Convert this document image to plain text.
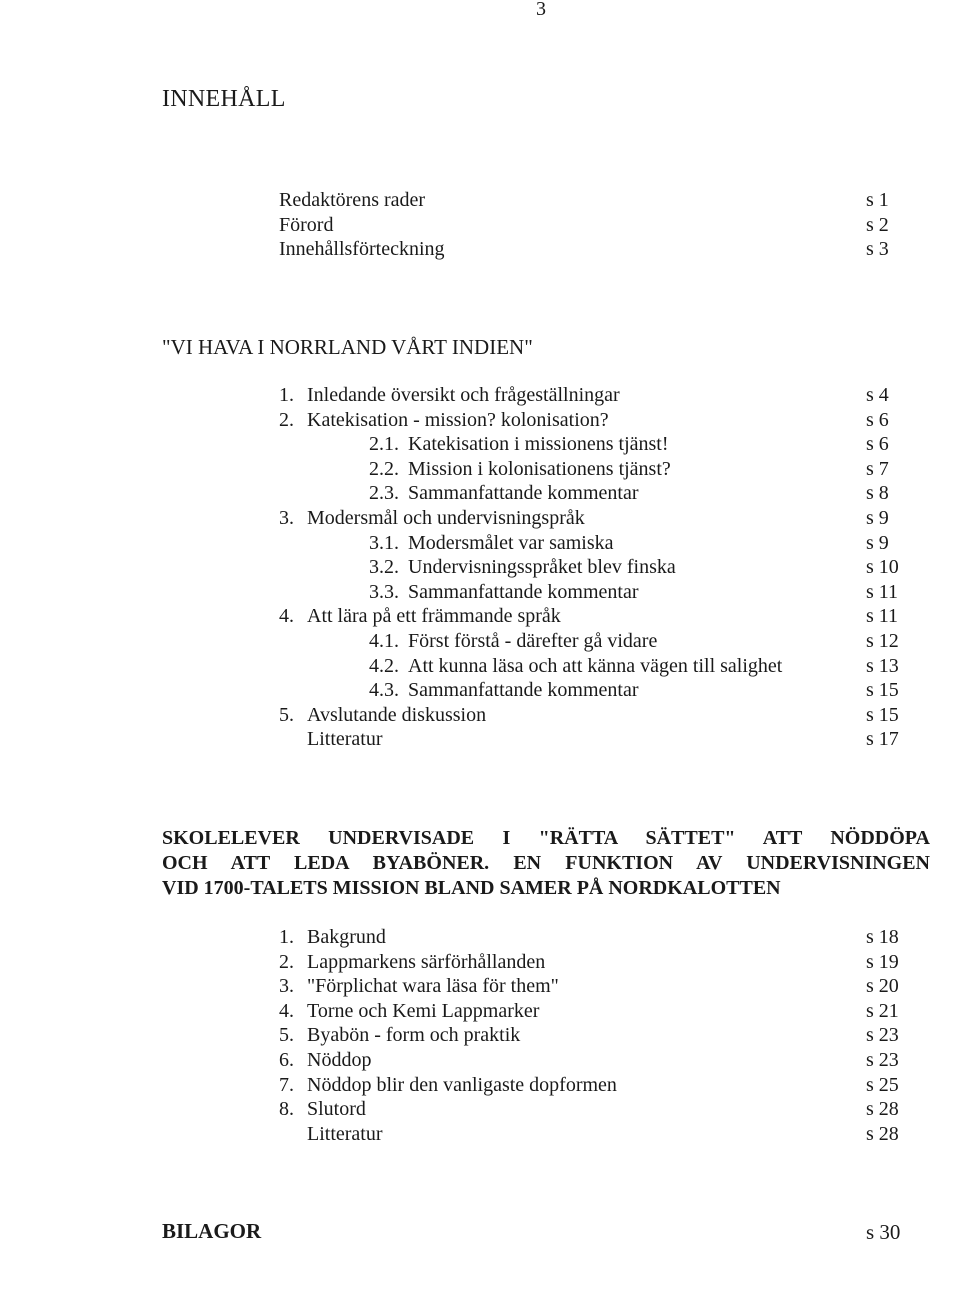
3
INNEHÅLL
Redaktörens rader	s 1
Förord	s 2
Innehållsförteckning	s 3
"VI HAVA I NORRLAND VÅRT INDIEN"
1. Inledande översikt och frågeställningar	s 4
2. Katekisation - mission? kolonisation?	s 6
2.1. Katekisation i missionens tjänst!	s 6
2.2. Mission i kolonisationens tjänst?	s 7
2.3. Sammanfattande kommentar	s 8
3. Modersmål och undervisningspråk	s 9
3.1. Modersmålet var samiska	s 9
3.2. Undervisningsspråket blev finska	s 10
3.3. Sammanfattande kommentar	s 11
4. Att lära på ett främmande språk	s 11
4.1. Först förstå - därefter gå vidare	s 12
4.2. Att kunna läsa och att känna vägen till salighet	s 13
4.3. Sammanfattande kommentar	s 15
5. Avslutande diskussion	s 15
Litteratur	s 17
SKOLELEVER UNDERVISADE I "RÄTTA SÄTTET" ATT NÖDDÖPA
OCH ATT LEDA BYABÖNER. EN FUNKTION AV UNDERVISNINGEN
VID 1700-TALETS MISSION BLAND SAMER PÅ NORDKALOTTEN
1. Bakgrund	s 18
2. Lappmarkens särförhållanden	s 19
3. "Förplichat wara läsa för them"	s 20
4. Torne och Kemi Lappmarker	s 21
5. Byabön - form och praktik	s 23
6. Nöddop	s 23
7. Nöddop blir den vanligaste dopformen	s 25
8. Slutord	s 28
Litteratur	s 28
BILAGOR	s 30
